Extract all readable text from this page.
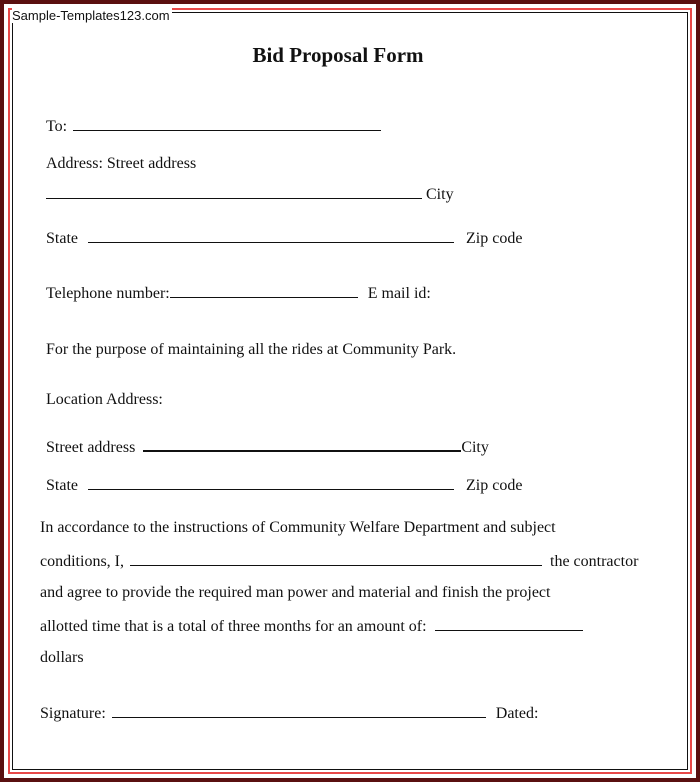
Sample-Templates123.com
Bid Proposal Form
To:
Address: Street address
City
State	Zip code
Telephone number:	E mail id:
For the purpose of maintaining all the rides at Community Park.
Location Address:
Street address	City
State	Zip code
In accordance to the instructions of Community Welfare Department and subject
conditions, I,	the contractor
and agree to provide the required man power and material and finish the project
allotted time that is a total of three months for an amount of:
dollars
Signature:	Dated:
